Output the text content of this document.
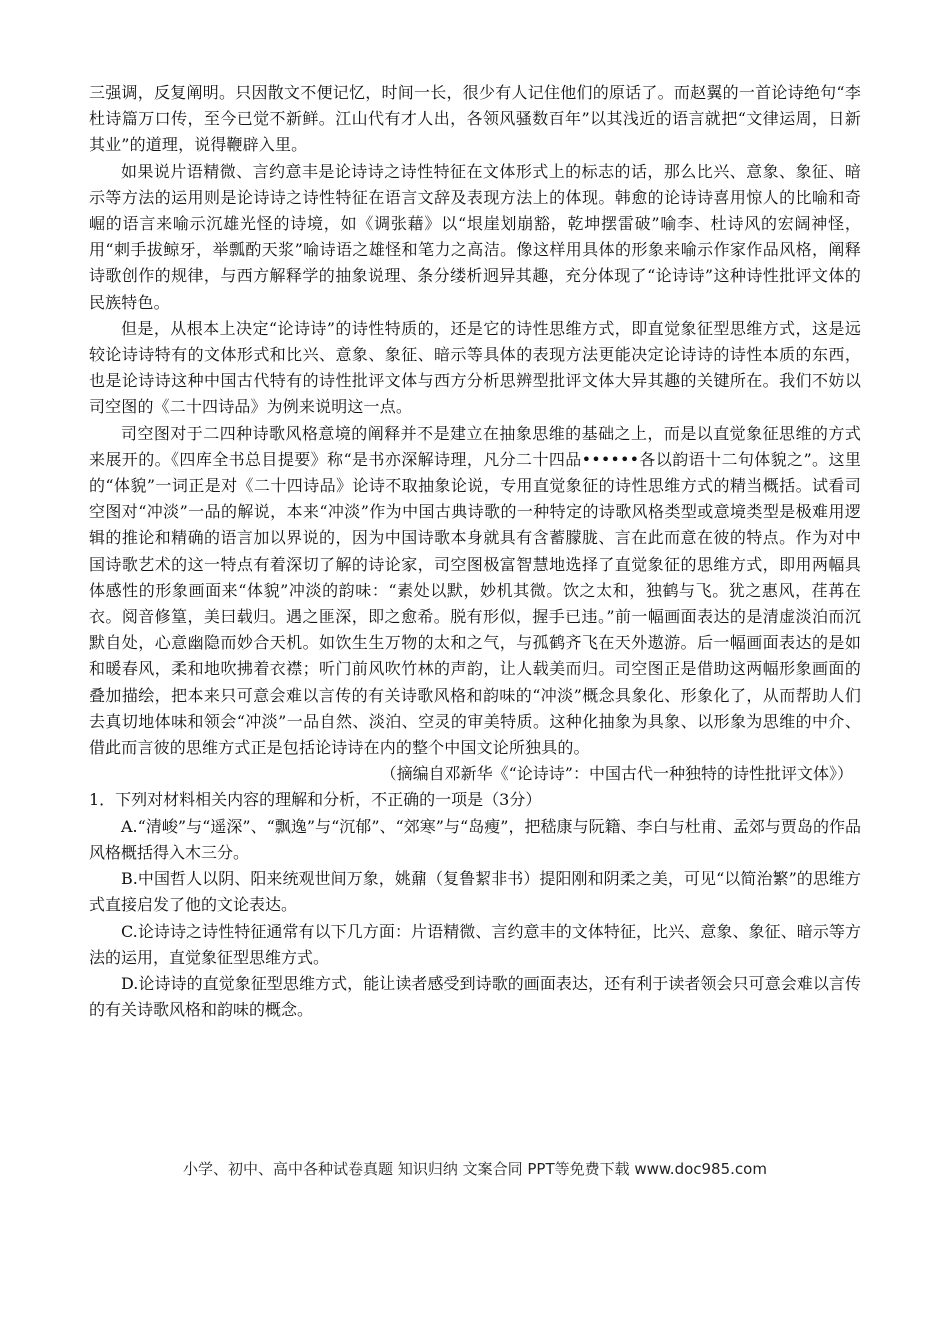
三强调，反复阐明。只因散文不便记忆，时间一长，很少有人记住他们的原话了。而赵翼的一首论诗绝句“李杜诗篇万口传，至今已觉不新鲜。江山代有才人出，各领风骚数百年”以其浅近的语言就把“文律运周，日新其业”的道理，说得鞭辟入里。

如果说片语精微、言约意丰是论诗诗之诗性特征在文体形式上的标志的话，那么比兴、意象、象征、暗示等方法的运用则是论诗诗之诗性特征在语言文辞及表现方法上的体现。韩愈的论诗诗喜用惊人的比喻和奇崛的语言来喻示沉雄光怪的诗境，如《调张藉》以“垠崖划崩豁，乾坤摆雷破”喻李、杜诗风的宏阔神怪，用“刺手拔鲸牙，举瓢酌天浆”喻诗语之雄怪和笔力之高洁。像这样用具体的形象来喻示作家作品风格，阐释诗歌创作的规律，与西方解释学的抽象说理、条分缕析迥异其趣，充分体现了“论诗诗”这种诗性批评文体的民族特色。

但是，从根本上决定“论诗诗”的诗性特质的，还是它的诗性思维方式，即直觉象征型思维方式，这是远较论诗诗特有的文体形式和比兴、意象、象征、暗示等具体的表现方法更能决定论诗诗的诗性本质的东西，也是论诗诗这种中国古代特有的诗性批评文体与西方分析思辨型批评文体大异其趣的关键所在。我们不妨以司空图的《二十四诗品》为例来说明这一点。

司空图对于二四种诗歌风格意境的阐释并不是建立在抽象思维的基础之上，而是以直觉象征思维的方式来展开的。《四库全书总目提要》称“是书亦深解诗理，凡分二十四品••••••各以韵语十二句体貌之”。这里的“体貌”一词正是对《二十四诗品》论诗不取抽象论说，专用直觉象征的诗性思维方式的精当概括。试看司空图对“冲淡”一品的解说，本来“冲淡”作为中国古典诗歌的一种特定的诗歌风格类型或意境类型是极难用逻辑的推论和精确的语言加以界说的，因为中国诗歌本身就具有含蓄朦胧、言在此而意在彼的特点。作为对中国诗歌艺术的这一特点有着深切了解的诗论家，司空图极富智慧地选择了直觉象征的思维方式，即用两幅具体感性的形象画面来“体貌”冲淡的韵味：“素处以默，妙机其微。饮之太和，独鹤与飞。犹之惠风，荏苒在衣。阅音修篁，美曰载归。遇之匪深，即之愈希。脱有形似，握手已违。”前一幅画面表达的是清虚淡泊而沉默自处，心意幽隐而妙合天机。如饮生生万物的太和之气，与孤鹤齐飞在天外遨游。后一幅画面表达的是如和暖春风，柔和地吹拂着衣襟；听门前风吹竹林的声韵，让人载美而归。司空图正是借助这两幅形象画面的叠加描绘，把本来只可意会难以言传的有关诗歌风格和韵味的“冲淡”概念具象化、形象化了，从而帮助人们去真切地体味和领会“冲淡”一品自然、淡泊、空灵的审美特质。这种化抽象为具象、以形象为思维的中介、借此而言彼的思维方式正是包括论诗诗在内的整个中国文论所独具的。

（摘编自邓新华《“论诗诗”：中国古代一种独特的诗性批评文体》）

1．下列对材料相关内容的理解和分析，不正确的一项是（3分）

A.“清峻”与“遥深”、“飘逸”与“沉郁”、“郊寒”与“岛瘦”，把嵇康与阮籍、李白与杜甫、孟郊与贾岛的作品风格概括得入木三分。

B.中国哲人以阴、阳来统观世间万象，姚鼐（复鲁絜非书）提阳刚和阴柔之美，可见“以简治繁”的思维方式直接启发了他的文论表达。

C.论诗诗之诗性特征通常有以下几方面：片语精微、言约意丰的文体特征，比兴、意象、象征、暗示等方法的运用，直觉象征型思维方式。

D.论诗诗的直觉象征型思维方式，能让读者感受到诗歌的画面表达，还有利于读者领会只可意会难以言传的有关诗歌风格和韵味的概念。

小学、初中、高中各种试卷真题 知识归纳 文案合同 PPT等免费下载 www.doc985.com
